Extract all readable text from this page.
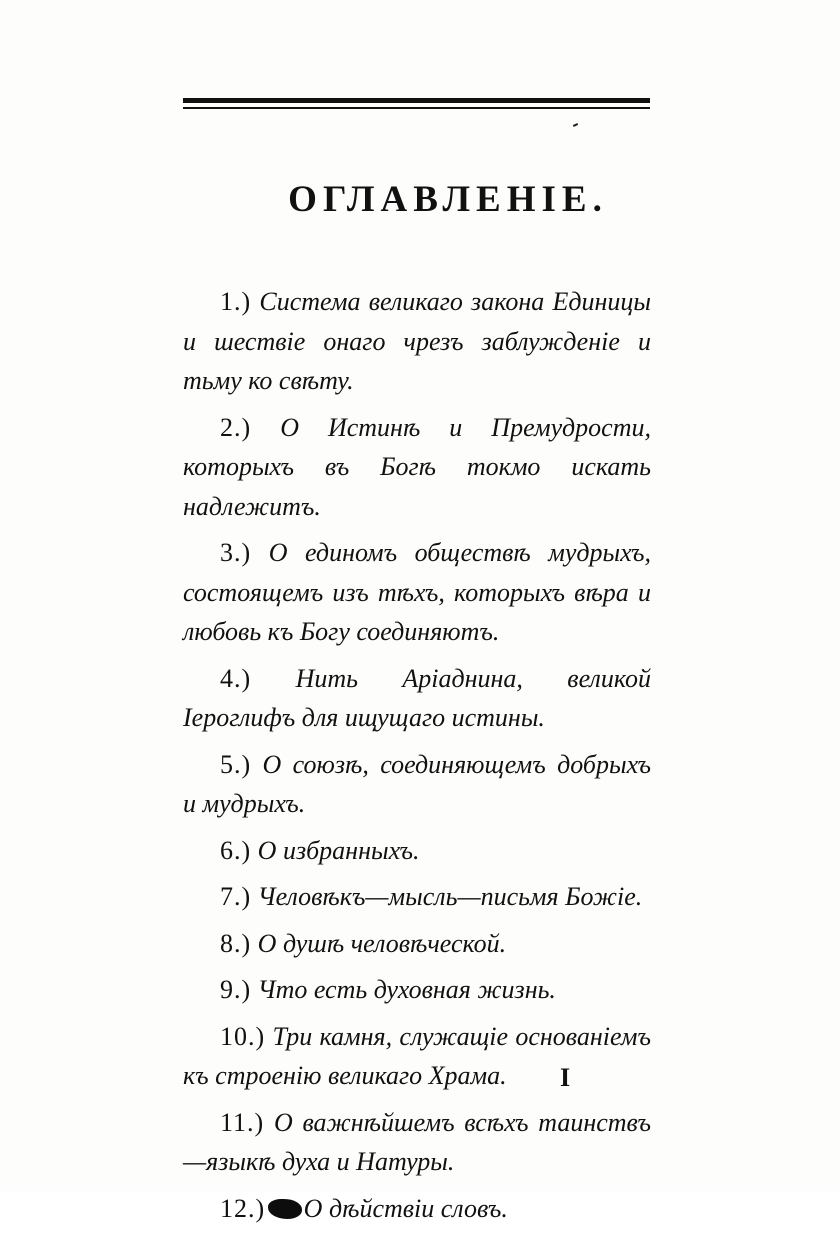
ОГЛАВЛЕНІЕ.
1.) Система великаго закона Единицы и шествіе онаго чрезъ заблужденіе и тьму ко свѣту.
2.) О Истинѣ и Премудрости, которыхъ въ Богѣ токмо искать надлежитъ.
3.) О единомъ обществѣ мудрыхъ, состоящемъ изъ тѣхъ, которыхъ вѣра и любовь къ Богу соединяютъ.
4.) Нить Аріаднина, великой Іероглифъ для ищущаго истины.
5.) О союзѣ, соединяющемъ добрыхъ и мудрыхъ.
6.) О избранныхъ.
7.) Человѣкъ—мысль—письмя Божіе.
8.) О душѣ человѣческой.
9.) Что есть духовная жизнь.
10.) Три камня, служащіе основаніемъ къ строенію великаго Храма.
11.) О важнѣйшемъ всѣхъ таинствъ—языкѣ духа и Натуры.
12.) О дѣйствіи словъ.

I
